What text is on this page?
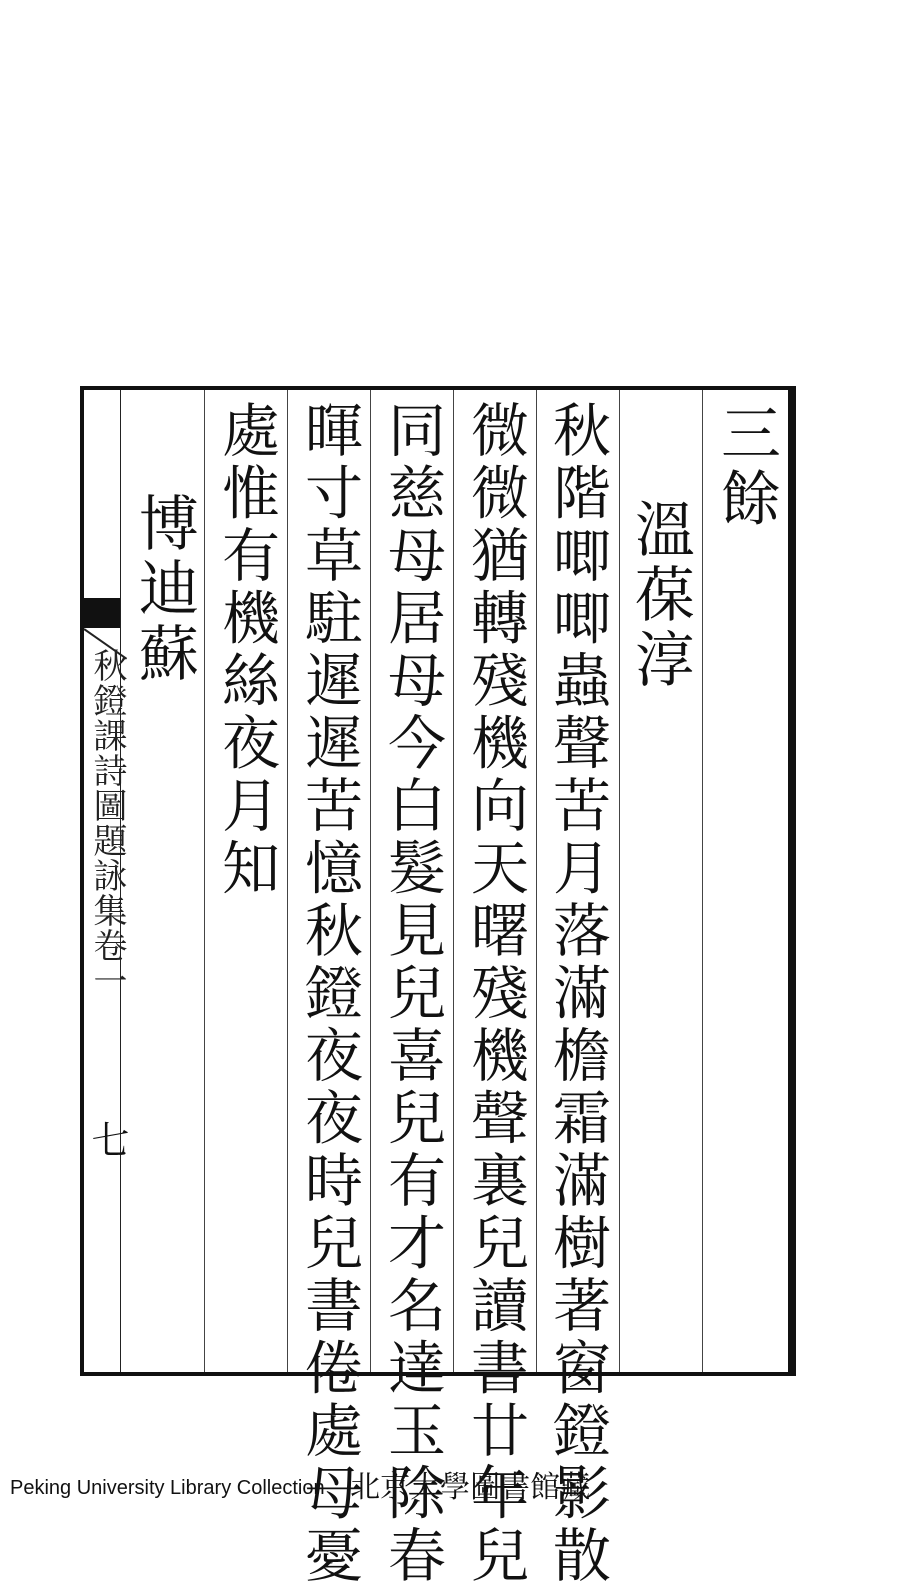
三餘
溫葆淳
秋階唧唧蟲聲苦月落滿檐霜滿樹著窗鐙影散
微微猶轉殘機向天曙殘機聲裏兒讀書廿年兒
同慈母居母今白髮見兒喜兒有才名達玉除春
暉寸草駐遲遲苦憶秋鐙夜夜時兒書倦處母憂
處惟有機絲夜月知
博迪蘇
秋鐙課詩圖題詠集卷一
七
Peking University Library Collection 北京大學圖書館藏
